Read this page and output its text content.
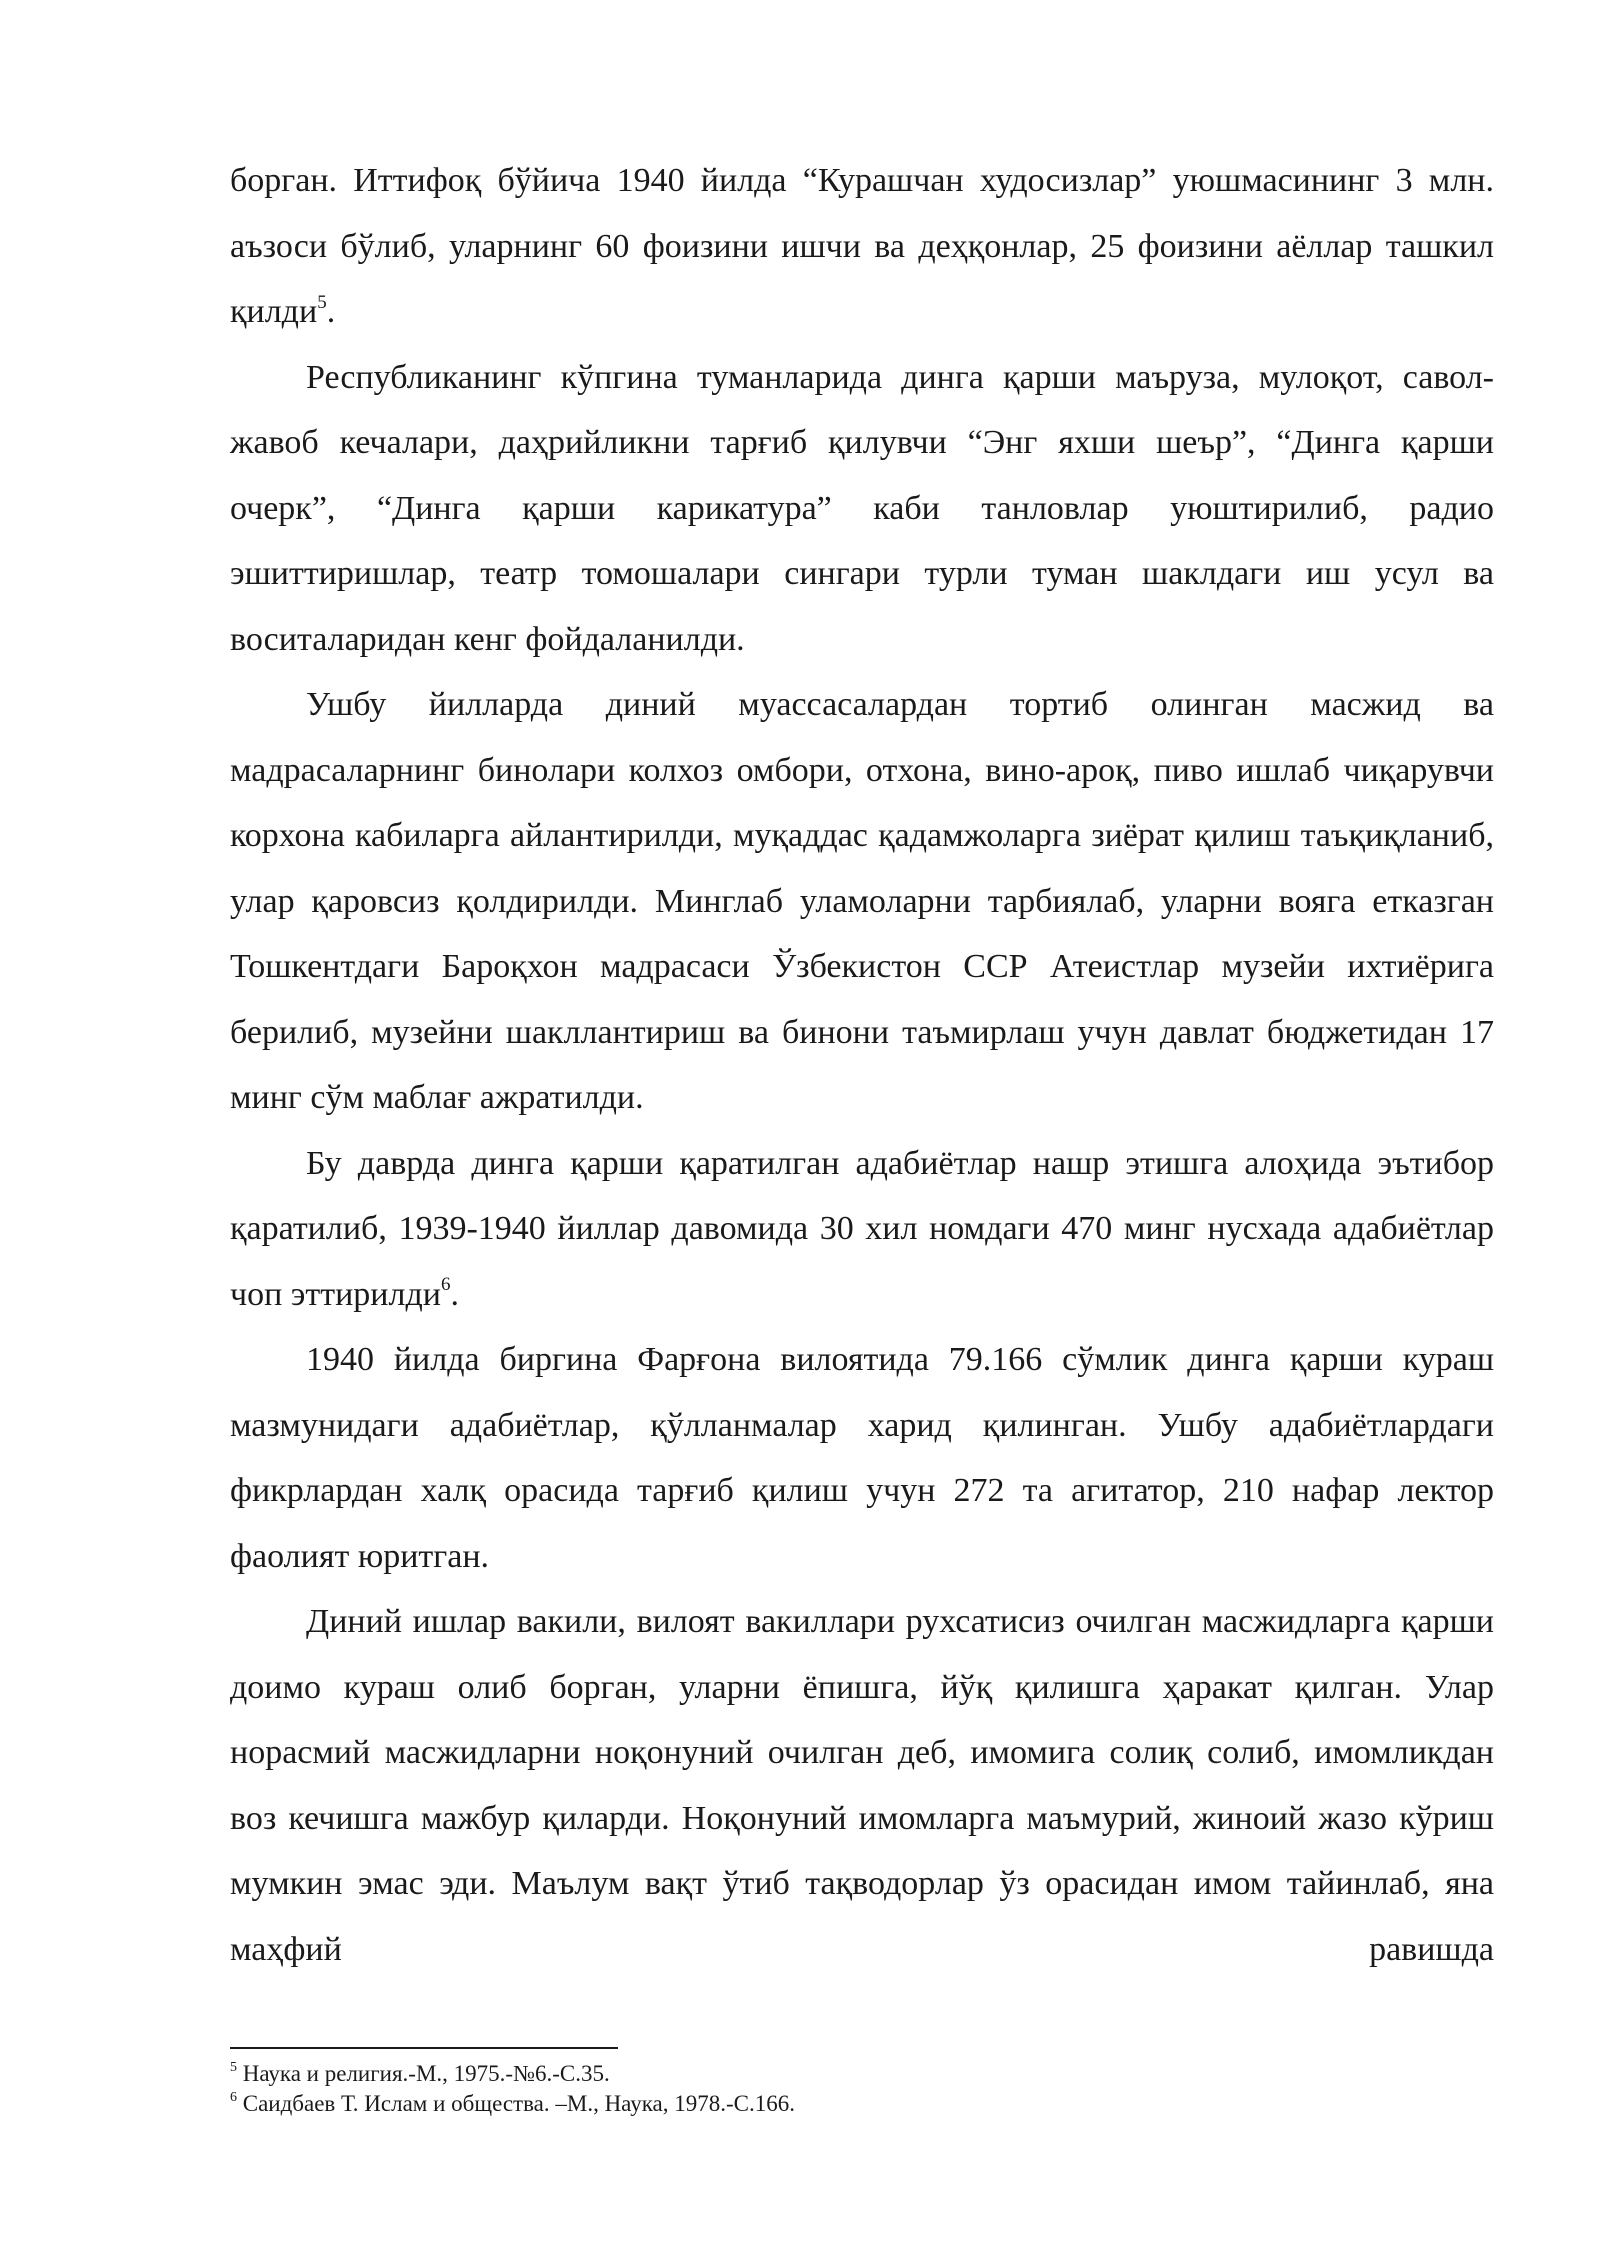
борган. Иттифоқ бўйича 1940 йилда “Курашчан худосизлар” уюшмасининг 3 млн. аъзоси бўлиб, уларнинг 60 фоизини ишчи ва деҳқонлар, 25 фоизини аёллар ташкил қилди$^5$.

Республиканинг кўпгина туманларида динга қарши маъруза, мулоқот, савол-жавоб кечалари, даҳрийликни тарғиб қилувчи “Энг яхши шеър”, “Динга қарши очерк”, “Динга қарши карикатура” каби танловлар уюштирилиб, радио эшиттиришлар, театр томошалари сингари турли туман шаклдаги иш усул ва воситаларидан кенг фойдаланилди.

Ушбу йилларда диний муассасалардан тортиб олинган масжид ва мадрасаларнинг бинолари колхоз омбори, отхона, вино-ароқ, пиво ишлаб чиқарувчи корхона кабиларга айлантирилди, муқаддас қадамжоларга зиёрат қилиш таъқиқланиб, улар қаровсиз қолдирилди. Минглаб уламоларни тарбиялаб, уларни вояга етказган Тошкентдаги Бароқхон мадрасаси Ўзбекистон ССР Атеистлар музейи ихтиёрига берилиб, музейни шакллантириш ва бинони таъмирлаш учун давлат бюджетидан 17 минг сўм маблағ ажратилди.

Бу даврда динга қарши қаратилган адабиётлар нашр этишга алоҳида эътибор қаратилиб, 1939-1940 йиллар давомида 30 хил номдаги 470 минг нусхада адабиётлар чоп эттирилди$^6$.

1940 йилда биргина Фарғона вилоятида 79.166 сўмлик динга қарши кураш мазмунидаги адабиётлар, қўлланмалар харид қилинган. Ушбу адабиётлардаги фикрлардан халқ орасида тарғиб қилиш учун 272 та агитатор, 210 нафар лектор фаолият юритган.

Диний ишлар вакили, вилоят вакиллари рухсатисиз очилган масжидларга қарши доимо кураш олиб борган, уларни ёпишга, йўқ қилишга ҳаракат қилган. Улар норасмий масжидларни ноқонуний очилган деб, имомига солиқ солиб, имомликдан воз кечишга мажбур қиларди. Ноқонуний имомларга маъмурий, жиноий жазо кўриш мумкин эмас эди. Маълум вақт ўтиб тақводорлар ўз орасидан имом тайинлаб, яна маҳфий равишда

$^5$ Наука и религия.-М., 1975.-№6.-С.35.

$^6$ Саидбаев Т. Ислам и общества. –М., Наука, 1978.-С.166.
